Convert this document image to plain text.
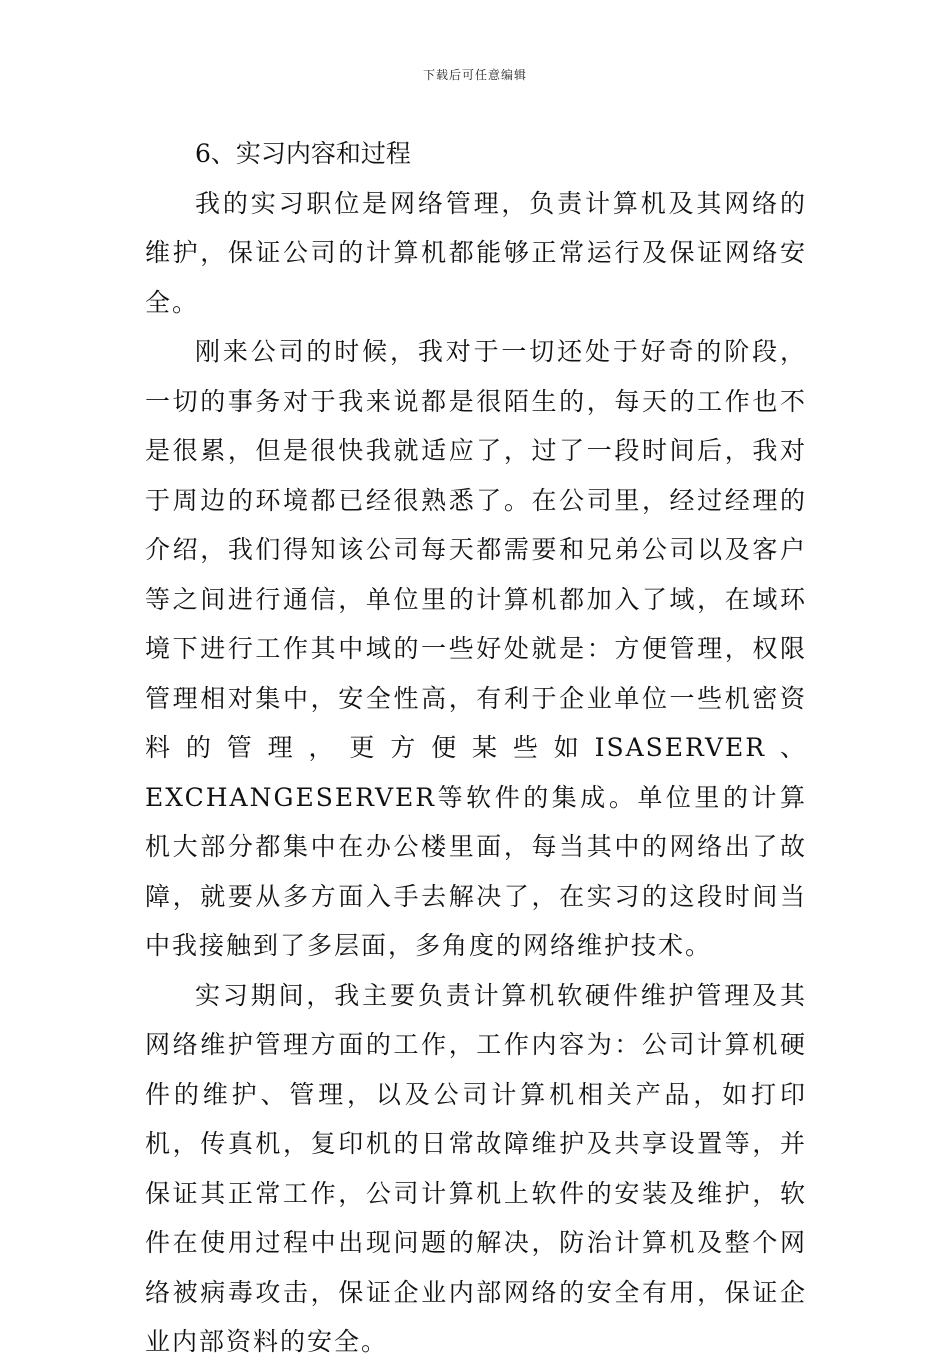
下载后可任意编辑

6、实习内容和过程

我的实习职位是网络管理，负责计算机及其网络的维护，保证公司的计算机都能够正常运行及保证网络安全。

刚来公司的时候，我对于一切还处于好奇的阶段，一切的事务对于我来说都是很陌生的，每天的工作也不是很累，但是很快我就适应了，过了一段时间后，我对于周边的环境都已经很熟悉了。在公司里，经过经理的介绍，我们得知该公司每天都需要和兄弟公司以及客户等之间进行通信，单位里的计算机都加入了域，在域环境下进行工作其中域的一些好处就是：方便管理，权限管理相对集中，安全性高，有利于企业单位一些机密资料的管理，更方便某些如ISASERVER、EXCHANGESERVER等软件的集成。单位里的计算机大部分都集中在办公楼里面，每当其中的网络出了故障，就要从多方面入手去解决了，在实习的这段时间当中我接触到了多层面，多角度的网络维护技术。

实习期间，我主要负责计算机软硬件维护管理及其网络维护管理方面的工作，工作内容为：公司计算机硬件的维护、管理，以及公司计算机相关产品，如打印机，传真机，复印机的日常故障维护及共享设置等，并保证其正常工作，公司计算机上软件的安装及维护，软件在使用过程中出现问题的解决，防治计算机及整个网络被病毒攻击，保证企业内部网络的安全有用，保证企业内部资料的安全。
